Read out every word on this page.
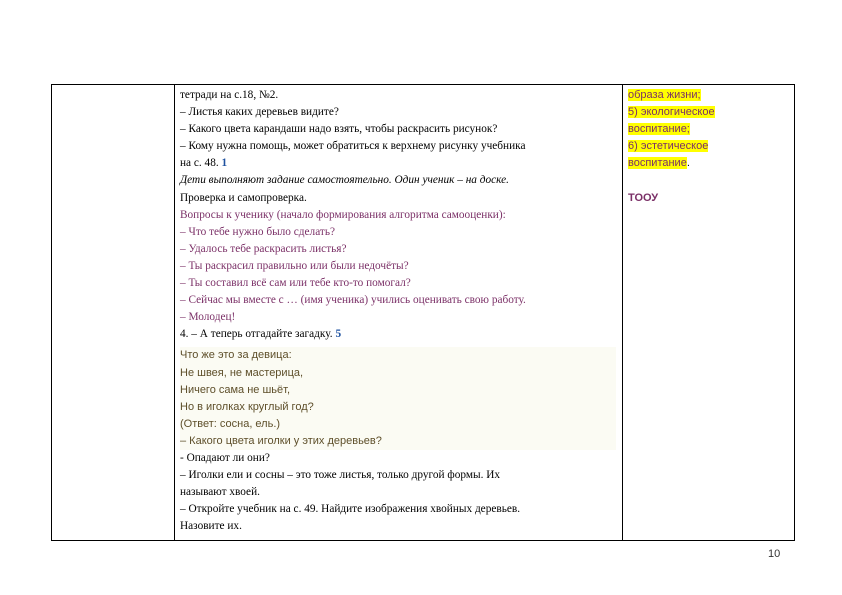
тетради на с.18, №2.
– Листья каких деревьев видите?
– Какого цвета карандаши надо взять, чтобы раскрасить рисунок?
– Кому нужна помощь, может обратиться к верхнему рисунку учебника
на с. 48. 1
Дети выполняют задание самостоятельно. Один ученик – на доске.
Проверка и самопроверка.
Вопросы к ученику (начало формирования алгоритма самооценки):
– Что тебе нужно было сделать?
– Удалось тебе раскрасить листья?
– Ты раскрасил правильно или были недочёты?
– Ты составил всё сам или тебе кто-то помогал?
– Сейчас мы вместе с … (имя ученика) учились оценивать свою работу.
– Молодец!
4. – А теперь отгадайте загадку. 5
Что же это за девица:
Не швея, не мастерица,
Ничего сама не шьёт,
Но в иголках круглый год?
(Ответ: сосна, ель.)
– Какого цвета иголки у этих деревьев?
- Опадают ли они?
– Иголки ели и сосны – это тоже листья, только другой формы. Их
называют хвоей.
– Откройте учебник на с. 49. Найдите изображения хвойных деревьев.
Назовите их.
образа жизни;
5) экологическое
воспитание;
6) эстетическое
воспитание.
ТООУ
10
